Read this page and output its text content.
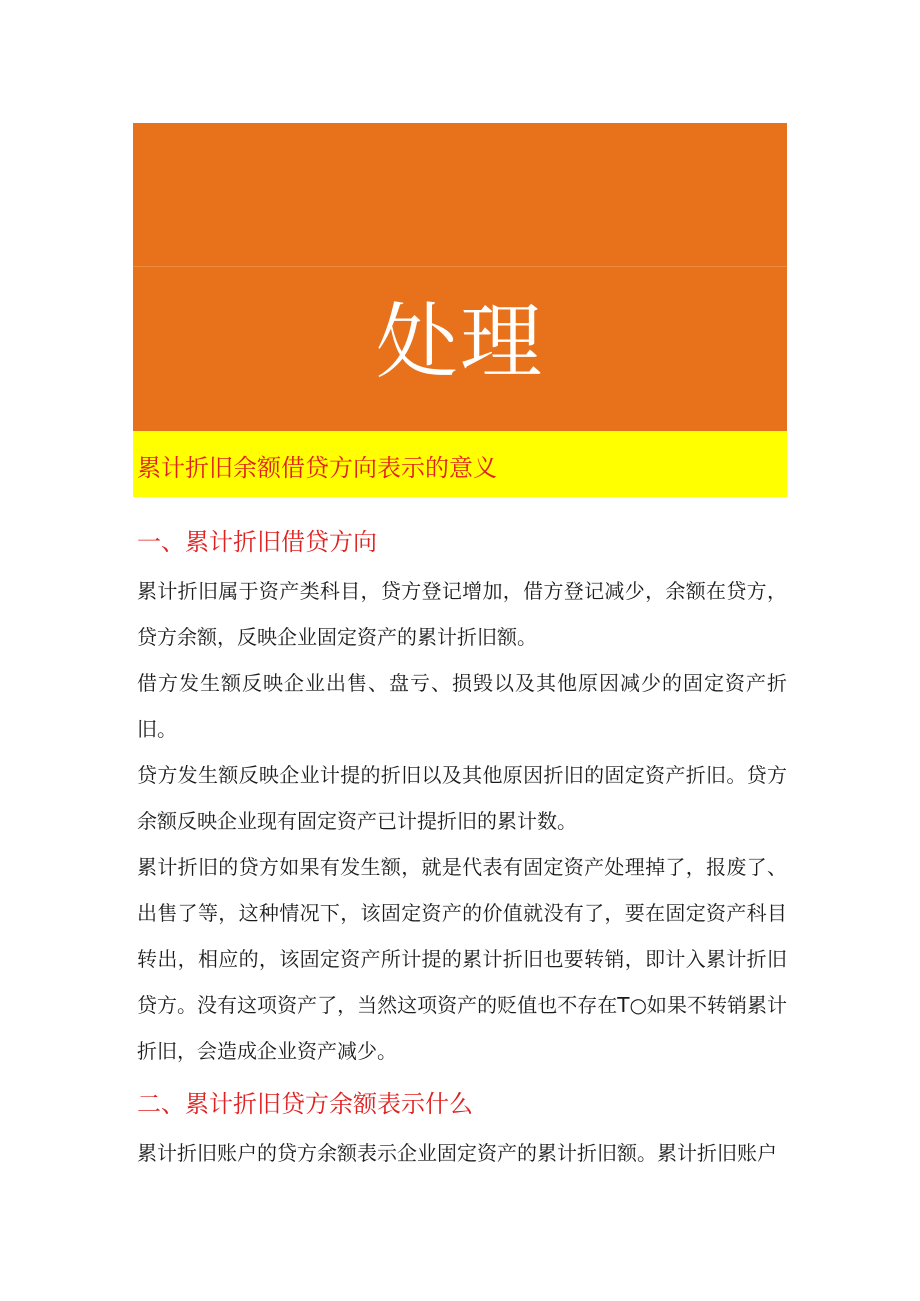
账务
处理
累计折旧余额借贷方向表示的意义
一、累计折旧借贷方向

累计折旧属于资产类科目，贷方登记增加，借方登记减少，余额在贷方，贷方余额，反映企业固定资产的累计折旧额。

借方发生额反映企业出售、盘亏、损毁以及其他原因减少的固定资产折旧。

贷方发生额反映企业计提的折旧以及其他原因折旧的固定资产折旧。贷方余额反映企业现有固定资产已计提折旧的累计数。

累计折旧的贷方如果有发生额，就是代表有固定资产处理掉了，报废了、出售了等，这种情况下，该固定资产的价值就没有了，要在固定资产科目转出，相应的，该固定资产所计提的累计折旧也要转销，即计入累计折旧贷方。没有这项资产了，当然这项资产的贬值也不存在T○如果不转销累计折旧，会造成企业资产减少。

二、累计折旧贷方余额表示什么

累计折旧账户的贷方余额表示企业固定资产的累计折旧额。累计折旧账户
